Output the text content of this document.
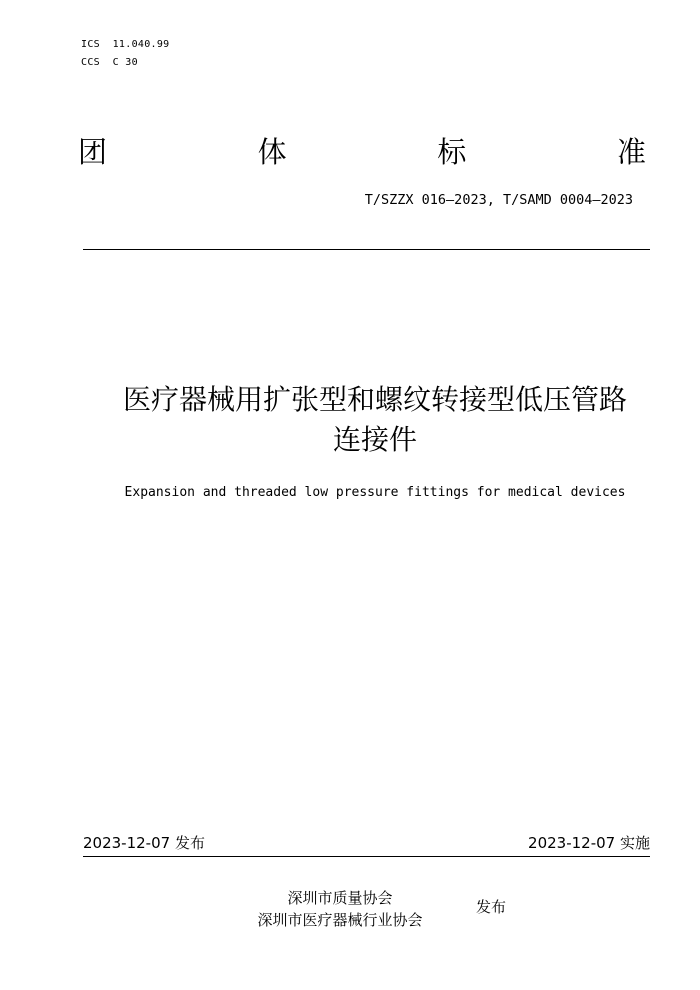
ICS  11.040.99
CCS  C 30
团	体	标	准
T/SZZX 016—2023, T/SAMD 0004—2023
医疗器械用扩张型和螺纹转接型低压管路
连接件
Expansion and threaded low pressure fittings for medical devices
2023-12-07 发布	2023-12-07 实施
深圳市质量协会
深圳市医疗器械行业协会
发布
